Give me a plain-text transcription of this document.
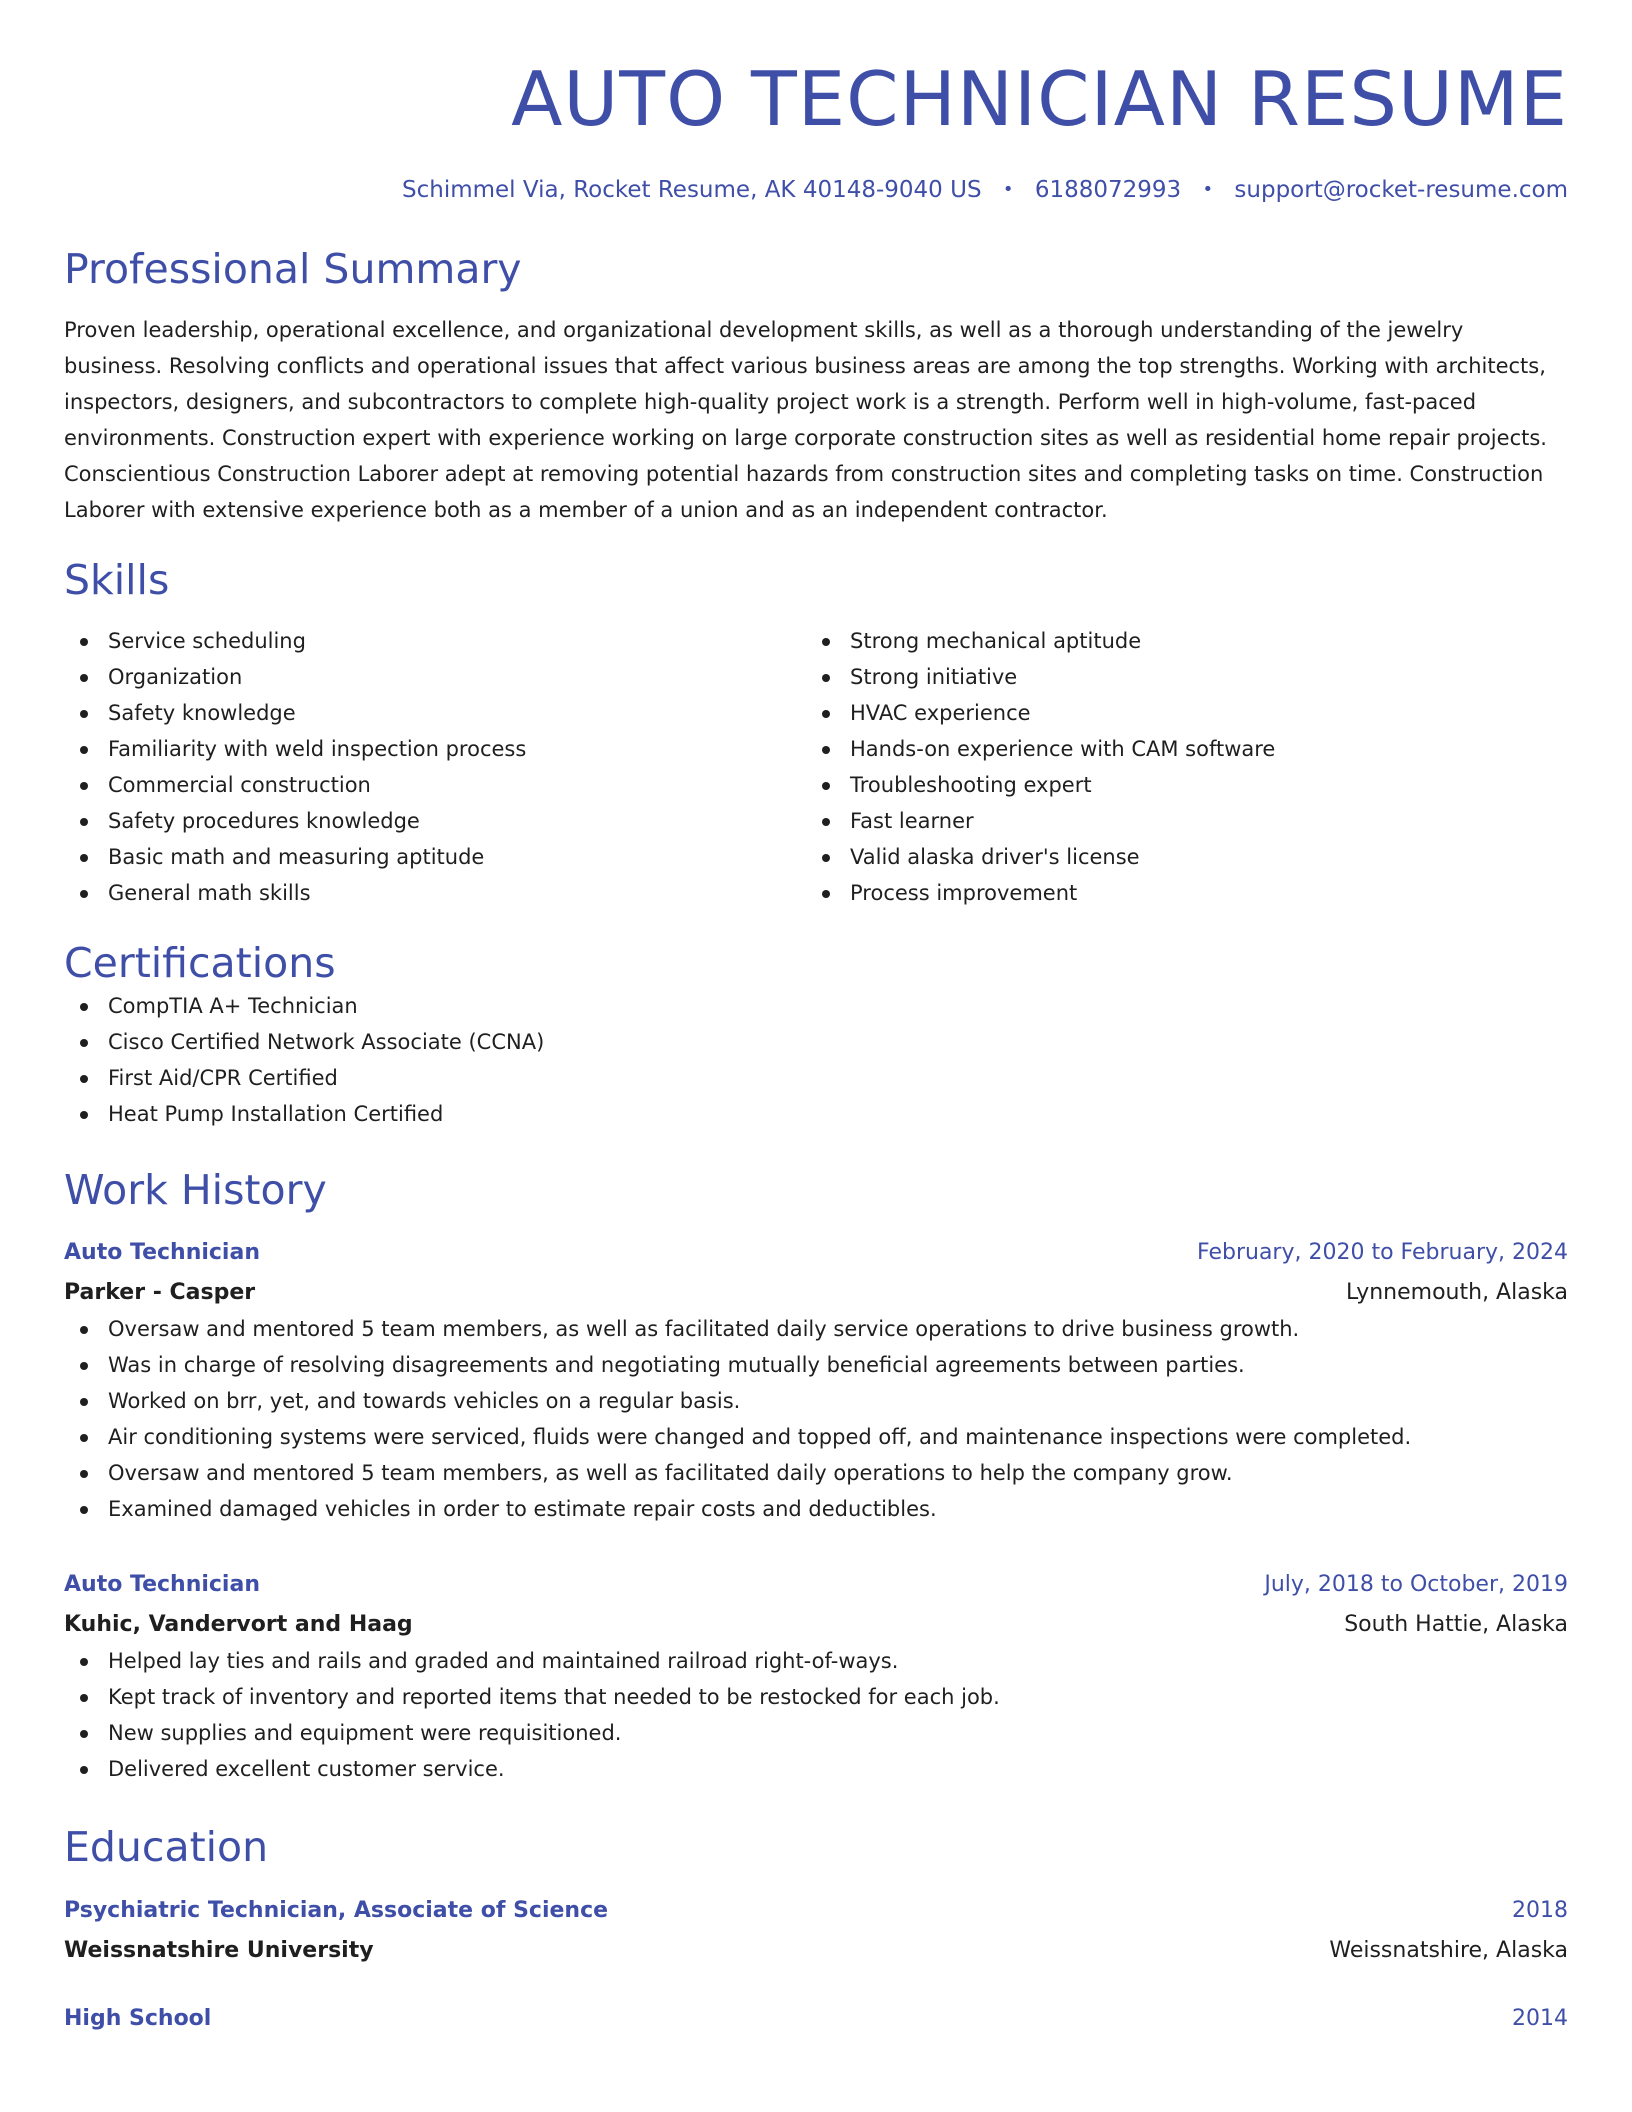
AUTO TECHNICIAN RESUME
Schimmel Via, Rocket Resume, AK 40148-9040 US • 6188072993 • support@rocket-resume.com
Professional Summary
Proven leadership, operational excellence, and organizational development skills, as well as a thorough understanding of the jewelry business. Resolving conflicts and operational issues that affect various business areas are among the top strengths. Working with architects, inspectors, designers, and subcontractors to complete high-quality project work is a strength. Perform well in high-volume, fast-paced environments. Construction expert with experience working on large corporate construction sites as well as residential home repair projects. Conscientious Construction Laborer adept at removing potential hazards from construction sites and completing tasks on time. Construction Laborer with extensive experience both as a member of a union and as an independent contractor.
Skills
Service scheduling
Organization
Safety knowledge
Familiarity with weld inspection process
Commercial construction
Safety procedures knowledge
Basic math and measuring aptitude
General math skills
Strong mechanical aptitude
Strong initiative
HVAC experience
Hands-on experience with CAM software
Troubleshooting expert
Fast learner
Valid alaska driver's license
Process improvement
Certifications
CompTIA A+ Technician
Cisco Certified Network Associate (CCNA)
First Aid/CPR Certified
Heat Pump Installation Certified
Work History
Auto Technician	February, 2020 to February, 2024
Parker - Casper	Lynnemouth, Alaska
Oversaw and mentored 5 team members, as well as facilitated daily service operations to drive business growth.
Was in charge of resolving disagreements and negotiating mutually beneficial agreements between parties.
Worked on brr, yet, and towards vehicles on a regular basis.
Air conditioning systems were serviced, fluids were changed and topped off, and maintenance inspections were completed.
Oversaw and mentored 5 team members, as well as facilitated daily operations to help the company grow.
Examined damaged vehicles in order to estimate repair costs and deductibles.
Auto Technician	July, 2018 to October, 2019
Kuhic, Vandervort and Haag	South Hattie, Alaska
Helped lay ties and rails and graded and maintained railroad right-of-ways.
Kept track of inventory and reported items that needed to be restocked for each job.
New supplies and equipment were requisitioned.
Delivered excellent customer service.
Education
Psychiatric Technician, Associate of Science	2018
Weissnatshire University	Weissnatshire, Alaska
High School	2014
